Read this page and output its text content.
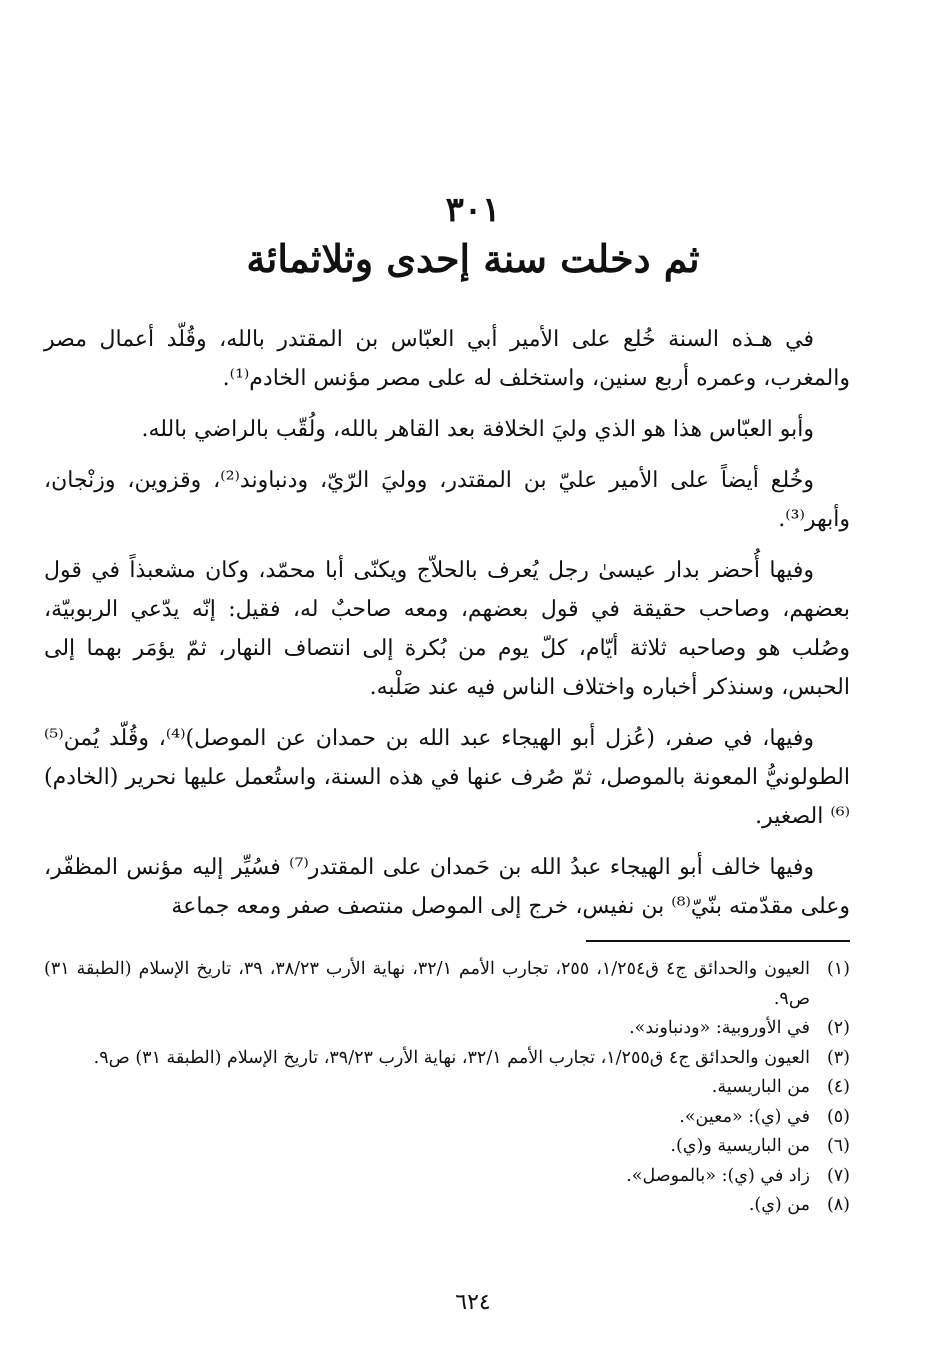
٣٠١
ثم دخلت سنة إحدى وثلاثمائة

في هـذه السنة خُلع على الأمير أبي العبّاس بن المقتدر بالله، وقُلّد أعمال مصر والمغرب، وعمره أربع سنين، واستخلف له على مصر مؤنس الخادم⁽¹⁾.

وأبو العبّاس هذا هو الذي وليَ الخلافة بعد القاهر بالله، ولُقّب بالراضي بالله.

وخُلع أيضاً على الأمير عليّ بن المقتدر، ووليَ الرّيّ، ودنباوند⁽²⁾، وقزوين، وزنْجان، وأبهر⁽³⁾.

وفيها أُحضر بدار عيسىٰ رجل يُعرف بالحلاّج ويكنّى أبا محمّد، وكان مشعبذاً في قول بعضهم، وصاحب حقيقة في قول بعضهم، ومعه صاحبٌ له، فقيل: إنّه يدّعي الربوبيّة، وصُلب هو وصاحبه ثلاثة أيّام، كلّ يوم من بُكرة إلى انتصاف النهار، ثمّ يؤمَر بهما إلى الحبس، وسنذكر أخباره واختلاف الناس فيه عند صَلْبه.

وفيها، في صفر، (عُزل أبو الهيجاء عبد الله بن حمدان عن الموصل)⁽⁴⁾، وقُلّد يُمن⁽⁵⁾ الطولونيُّ المعونة بالموصل، ثمّ صُرف عنها في هذه السنة، واستُعمل عليها نحرير (الخادم)⁽⁶⁾ الصغير.

وفيها خالف أبو الهيجاء عبدُ الله بن حَمدان على المقتدر⁽⁷⁾ فسُيِّر إليه مؤنس المظفّر، وعلى مقدّمته بنّيّ⁽⁸⁾ بن نفيس، خرج إلى الموصل منتصف صفر ومعه جماعة

(١)
العيون والحدائق ج٤ ق١/٢٥٤، ٢٥٥، تجارب الأمم ٣٢/١، نهاية الأرب ٣٨/٢٣، ٣٩، تاريخ الإسلام (الطبقة ٣١) ص٩.
(٢)
في الأوروبية: «ودنباوند».
(٣)
العيون والحدائق ج٤ ق١/٢٥٥، تجارب الأمم ٣٢/١، نهاية الأرب ٣٩/٢٣، تاريخ الإسلام (الطبقة ٣١) ص٩.
(٤)
من الباريسية.
(٥)
في (ي): «معين».
(٦)
من الباريسية و(ي).
(٧)
زاد في (ي): «بالموصل».
(٨)
من (ي).
٦٢٤
